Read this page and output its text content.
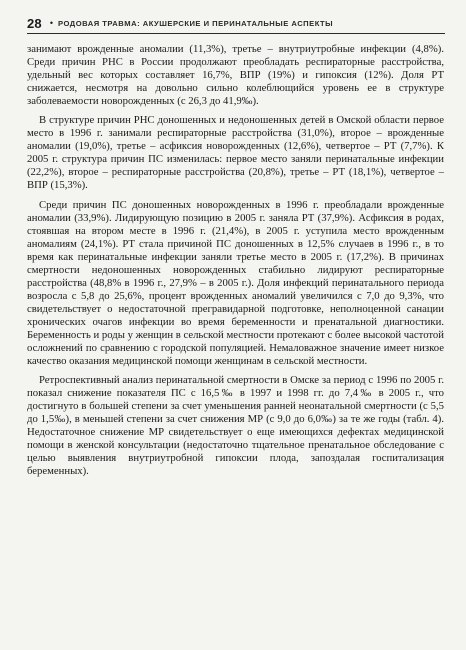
28 • РОДОВАЯ ТРАВМА: АКУШЕРСКИЕ И ПЕРИНАТАЛЬНЫЕ АСПЕКТЫ

занимают врожденные аномалии (11,3%), третье – внутриутробные инфекции (4,8%). Среди причин РНС в России продолжают преобладать респираторные расстройства, удельный вес которых составляет 16,7%, ВПР (19%) и гипоксия (12%). Доля РТ снижается, несмотря на довольно сильно колеблющийся уровень ее в структуре заболеваемости новорожденных (с 26,3 до 41,9‰).

В структуре причин РНС доношенных и недоношенных детей в Омской области первое место в 1996 г. занимали респираторные расстройства (31,0%), второе – врожденные аномалии (19,0%), третье – асфиксия новорожденных (12,6%), четвертое – РТ (7,7%). К 2005 г. структура причин ПС изменилась: первое место заняли перинатальные инфекции (22,2%), второе – респираторные расстройства (20,8%), третье – РТ (18,1%), четвертое – ВПР (15,3%).

Среди причин ПС доношенных новорожденных в 1996 г. преобладали врожденные аномалии (33,9%). Лидирующую позицию в 2005 г. заняла РТ (37,9%). Асфиксия в родах, стоявшая на втором месте в 1996 г. (21,4%), в 2005 г. уступила место врожденным аномалиям (24,1%). РТ стала причиной ПС доношенных в 12,5% случаев в 1996 г., в то время как перинатальные инфекции заняли третье место в 2005 г. (17,2%). В причинах смертности недоношенных новорожденных стабильно лидируют респираторные расстройства (48,8% в 1996 г., 27,9% – в 2005 г.). Доля инфекций перинатального периода возросла с 5,8 до 25,6%, процент врожденных аномалий увеличился с 7,0 до 9,3%, что свидетельствует о недостаточной прегравидарной подготовке, неполноценной санации хронических очагов инфекции во время беременности и пренатальной диагностики. Беременность и роды у женщин в сельской местности протекают с более высокой частотой осложнений по сравнению с городской популяцией. Немаловажное значение имеет низкое качество оказания медицинской помощи женщинам в сельской местности.

Ретроспективный анализ перинатальной смертности в Омске за период с 1996 по 2005 г. показал снижение показателя ПС с 16,5‰ в 1997 и 1998 гг. до 7,4‰ в 2005 г., что достигнуто в большей степени за счет уменьшения ранней неонатальной смертности (с 5,5 до 1,5‰), в меньшей степени за счет снижения МР (с 9,0 до 6,0‰) за те же годы (табл. 4). Недостаточное снижение МР свидетельствует о еще имеющихся дефектах медицинской помощи в женской консультации (недостаточно тщательное пренатальное обследование с целью выявления внутриутробной гипоксии плода, запоздалая госпитализация беременных).
